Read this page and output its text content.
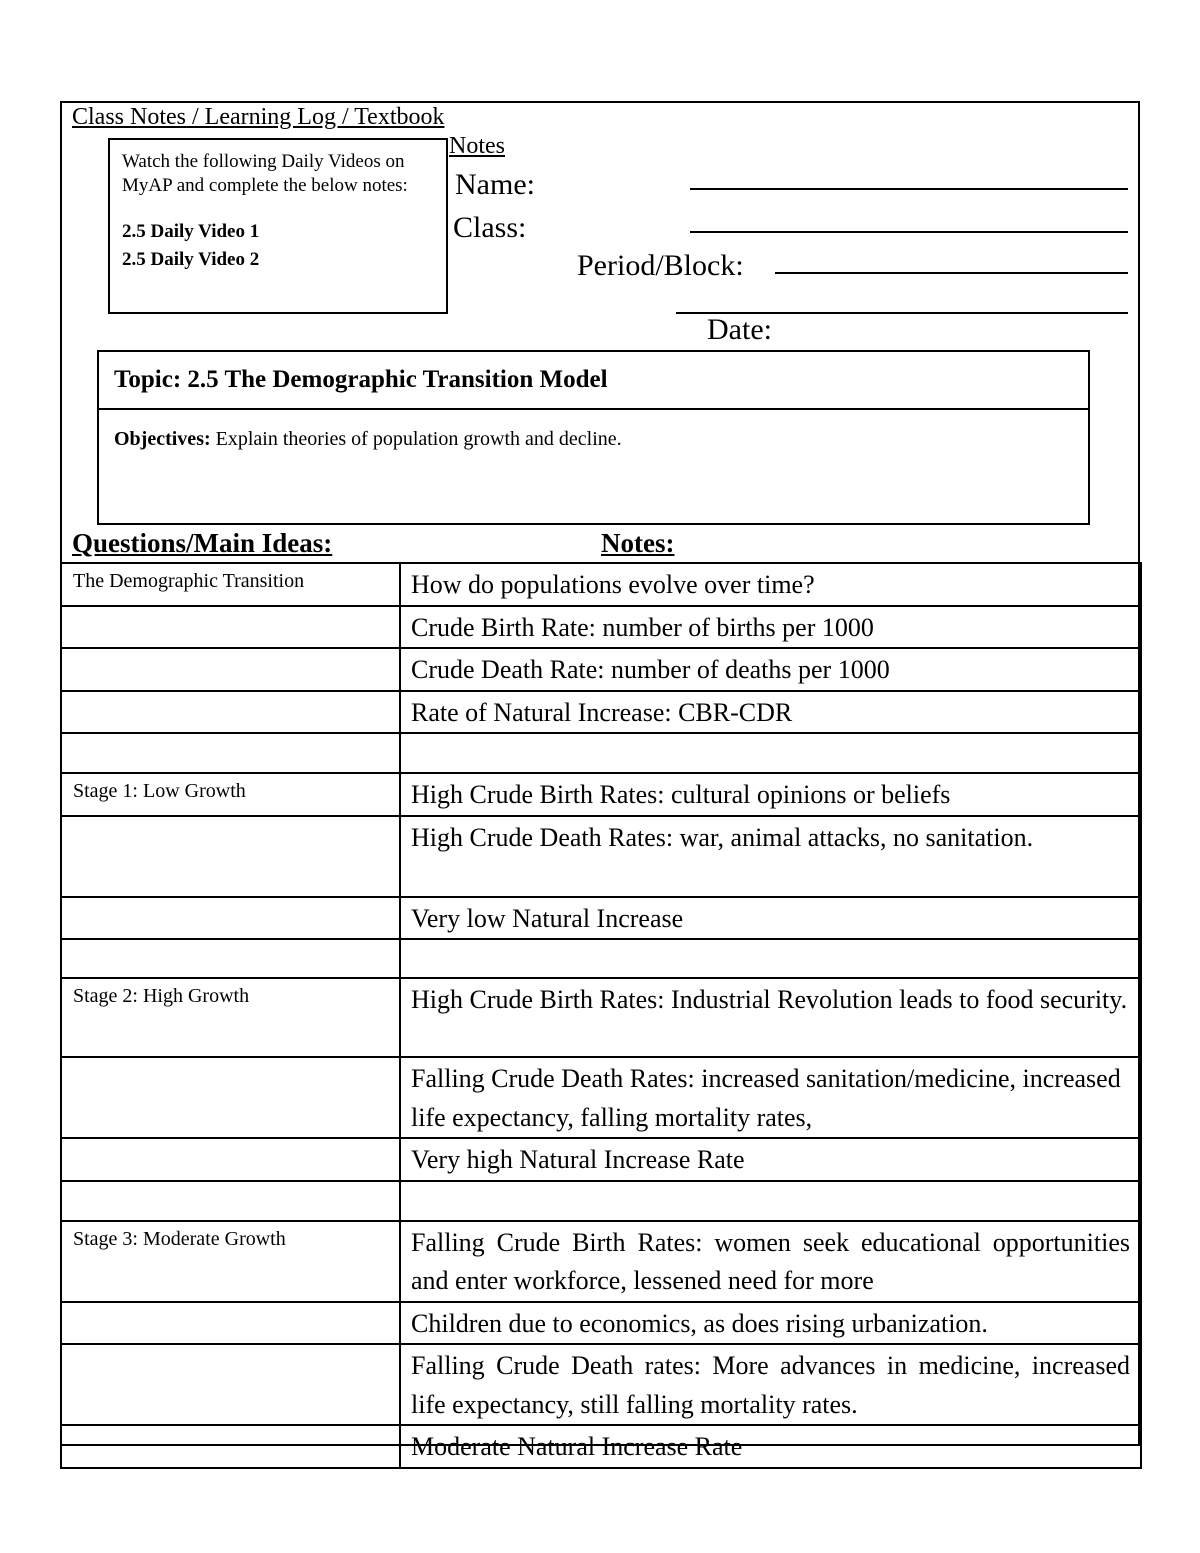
Class Notes / Learning Log / Textbook
Notes
Watch the following Daily Videos on MyAP and complete the below notes:
2.5 Daily Video 1
2.5 Daily Video 2
Name:
Class:
Period/Block:
Date:
Topic: 2.5 The Demographic Transition Model
Objectives: Explain theories of population growth and decline.
Questions/Main Ideas:	Notes:
The Demographic Transition	How do populations evolve over time?
	Crude Birth Rate: number of births per 1000
	Crude Death Rate: number of deaths per 1000
	Rate of Natural Increase: CBR-CDR

Stage 1: Low Growth	High Crude Birth Rates: cultural opinions or beliefs
	High Crude Death Rates: war, animal attacks, no sanitation.
	Very low Natural Increase

Stage 2: High Growth	High Crude Birth Rates: Industrial Revolution leads to food security.
	Falling Crude Death Rates: increased sanitation/medicine, increased life expectancy, falling mortality rates,
	Very high Natural Increase Rate

Stage 3: Moderate Growth	Falling Crude Birth Rates: women seek educational opportunities and enter workforce, lessened need for more
	Children due to economics, as does rising urbanization.
	Falling Crude Death rates: More advances in medicine, increased life expectancy, still falling mortality rates.
	Moderate Natural Increase Rate
